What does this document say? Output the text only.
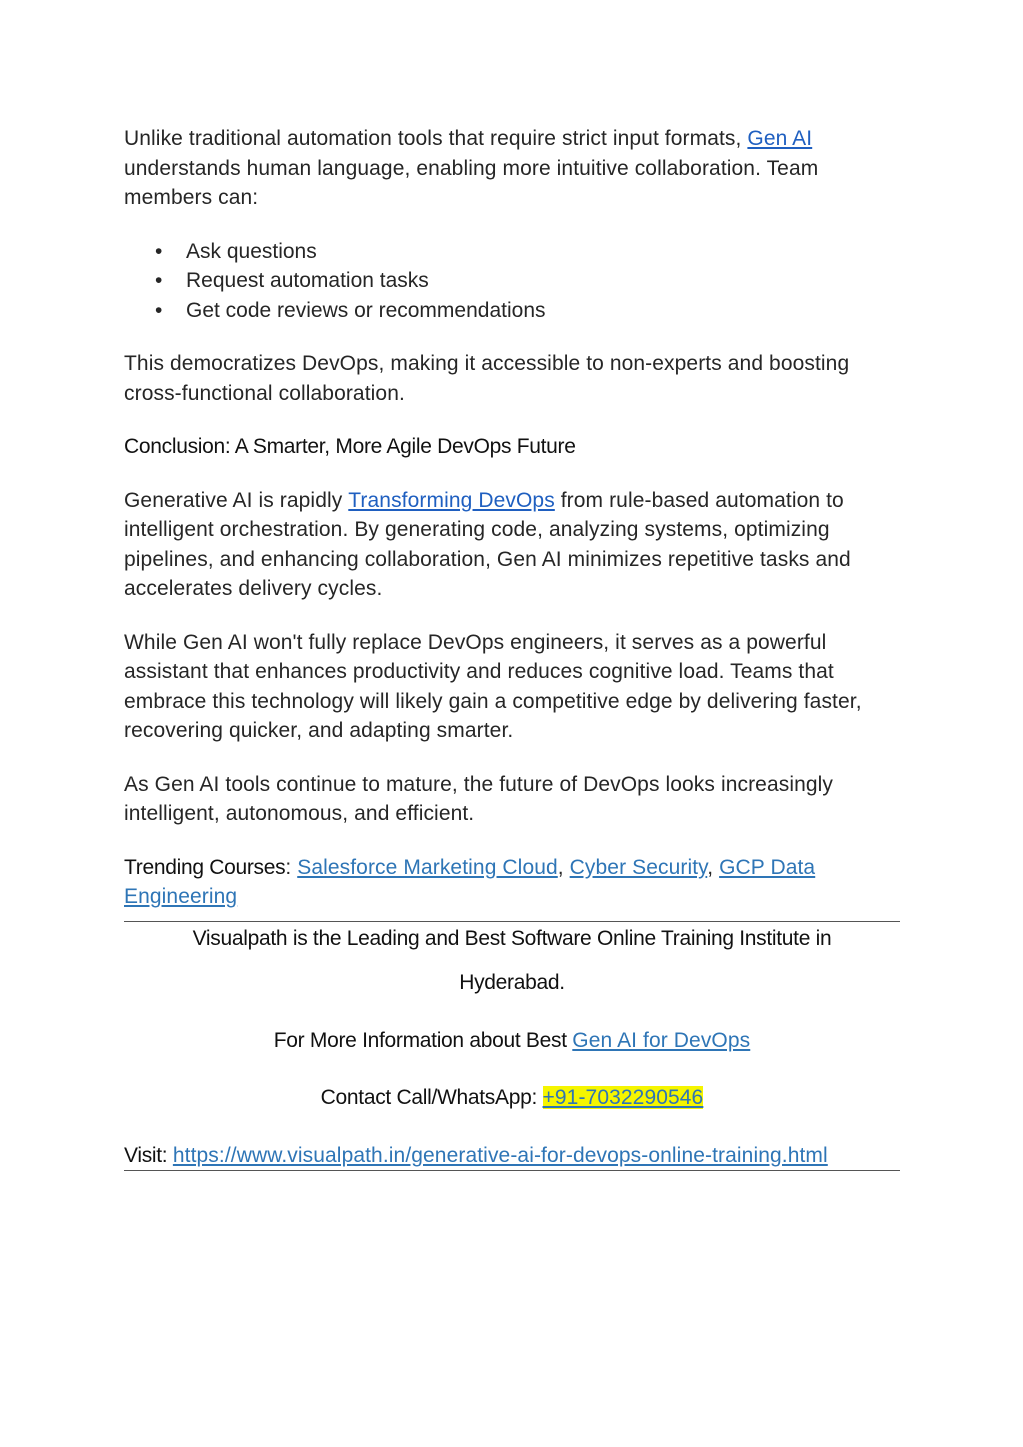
Unlike traditional automation tools that require strict input formats, Gen AI understands human language, enabling more intuitive collaboration. Team members can:

• Ask questions
• Request automation tasks
• Get code reviews or recommendations

This democratizes DevOps, making it accessible to non-experts and boosting cross-functional collaboration.

Conclusion: A Smarter, More Agile DevOps Future

Generative AI is rapidly Transforming DevOps from rule-based automation to intelligent orchestration. By generating code, analyzing systems, optimizing pipelines, and enhancing collaboration, Gen AI minimizes repetitive tasks and accelerates delivery cycles.

While Gen AI won't fully replace DevOps engineers, it serves as a powerful assistant that enhances productivity and reduces cognitive load. Teams that embrace this technology will likely gain a competitive edge by delivering faster, recovering quicker, and adapting smarter.

As Gen AI tools continue to mature, the future of DevOps looks increasingly intelligent, autonomous, and efficient.

Trending Courses: Salesforce Marketing Cloud, Cyber Security, GCP Data Engineering

Visualpath is the Leading and Best Software Online Training Institute in

Hyderabad.

For More Information about Best Gen AI for DevOps

Contact Call/WhatsApp: +91-7032290546

Visit: https://www.visualpath.in/generative-ai-for-devops-online-training.html
